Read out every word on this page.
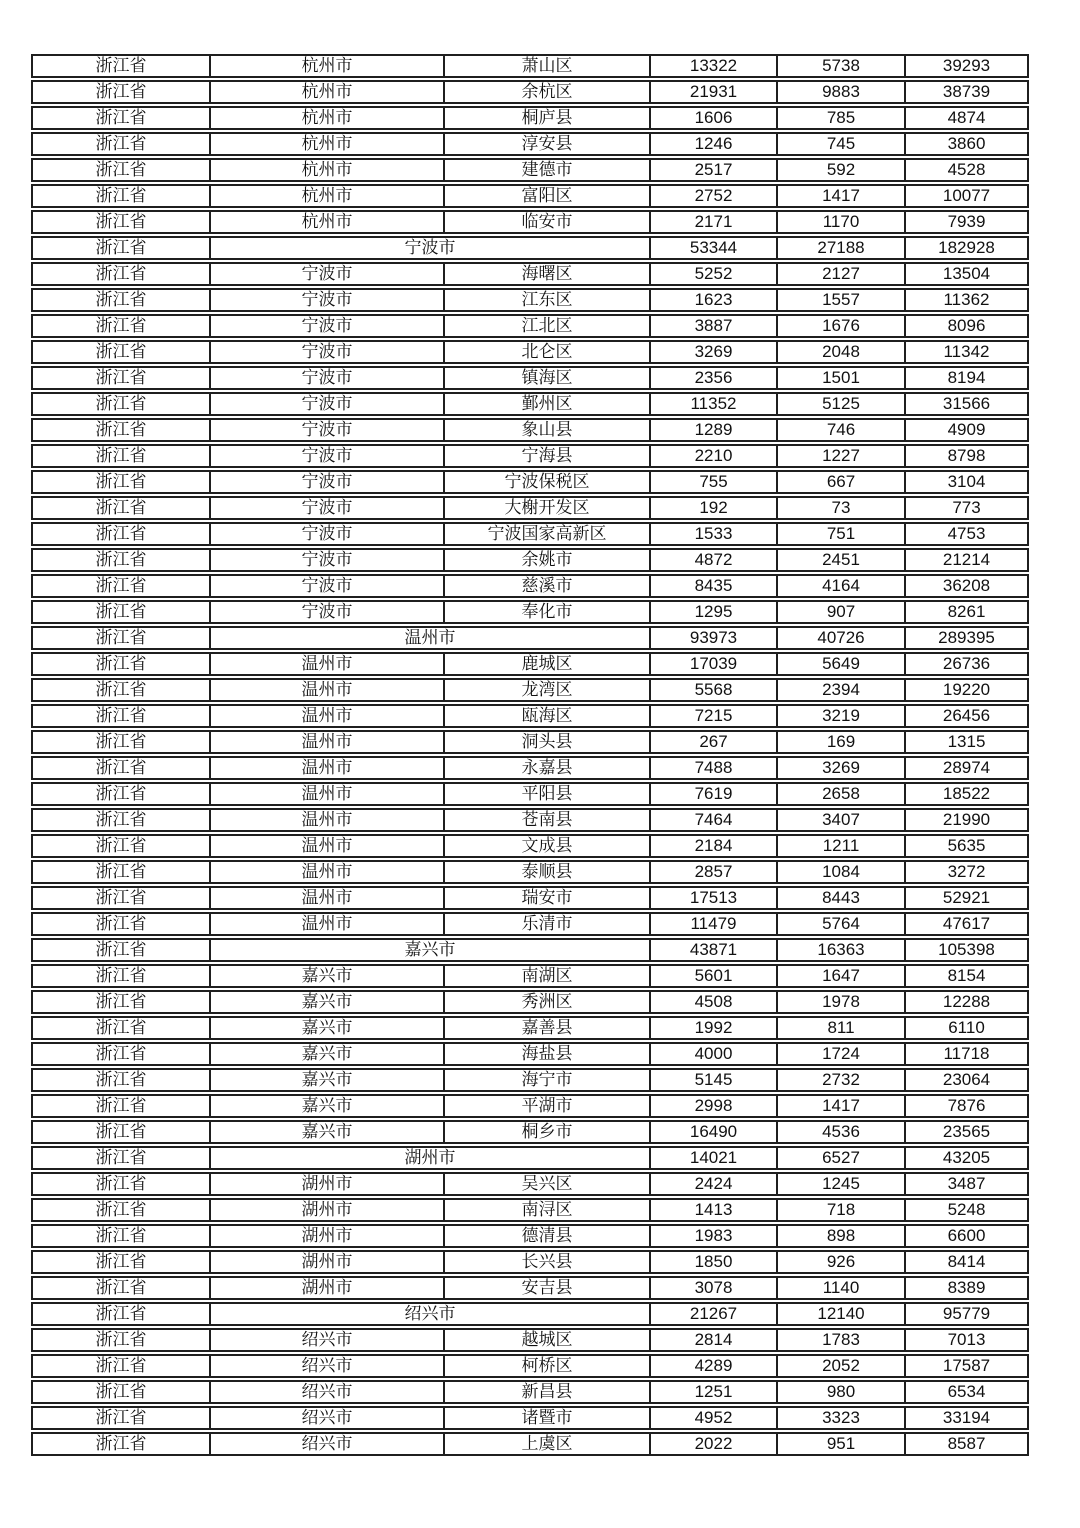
浙江省	杭州市	萧山区	13322	5738	39293
浙江省	杭州市	余杭区	21931	9883	38739
浙江省	杭州市	桐庐县	1606	785	4874
浙江省	杭州市	淳安县	1246	745	3860
浙江省	杭州市	建德市	2517	592	4528
浙江省	杭州市	富阳区	2752	1417	10077
浙江省	杭州市	临安市	2171	1170	7939
浙江省	宁波市		53344	27188	182928
浙江省	宁波市	海曙区	5252	2127	13504
浙江省	宁波市	江东区	1623	1557	11362
浙江省	宁波市	江北区	3887	1676	8096
浙江省	宁波市	北仑区	3269	2048	11342
浙江省	宁波市	镇海区	2356	1501	8194
浙江省	宁波市	鄞州区	11352	5125	31566
浙江省	宁波市	象山县	1289	746	4909
浙江省	宁波市	宁海县	2210	1227	8798
浙江省	宁波市	宁波保税区	755	667	3104
浙江省	宁波市	大榭开发区	192	73	773
浙江省	宁波市	宁波国家高新区	1533	751	4753
浙江省	宁波市	余姚市	4872	2451	21214
浙江省	宁波市	慈溪市	8435	4164	36208
浙江省	宁波市	奉化市	1295	907	8261
浙江省	温州市		93973	40726	289395
浙江省	温州市	鹿城区	17039	5649	26736
浙江省	温州市	龙湾区	5568	2394	19220
浙江省	温州市	瓯海区	7215	3219	26456
浙江省	温州市	洞头县	267	169	1315
浙江省	温州市	永嘉县	7488	3269	28974
浙江省	温州市	平阳县	7619	2658	18522
浙江省	温州市	苍南县	7464	3407	21990
浙江省	温州市	文成县	2184	1211	5635
浙江省	温州市	泰顺县	2857	1084	3272
浙江省	温州市	瑞安市	17513	8443	52921
浙江省	温州市	乐清市	11479	5764	47617
浙江省	嘉兴市		43871	16363	105398
浙江省	嘉兴市	南湖区	5601	1647	8154
浙江省	嘉兴市	秀洲区	4508	1978	12288
浙江省	嘉兴市	嘉善县	1992	811	6110
浙江省	嘉兴市	海盐县	4000	1724	11718
浙江省	嘉兴市	海宁市	5145	2732	23064
浙江省	嘉兴市	平湖市	2998	1417	7876
浙江省	嘉兴市	桐乡市	16490	4536	23565
浙江省	湖州市		14021	6527	43205
浙江省	湖州市	吴兴区	2424	1245	3487
浙江省	湖州市	南浔区	1413	718	5248
浙江省	湖州市	德清县	1983	898	6600
浙江省	湖州市	长兴县	1850	926	8414
浙江省	湖州市	安吉县	3078	1140	8389
浙江省	绍兴市		21267	12140	95779
浙江省	绍兴市	越城区	2814	1783	7013
浙江省	绍兴市	柯桥区	4289	2052	17587
浙江省	绍兴市	新昌县	1251	980	6534
浙江省	绍兴市	诸暨市	4952	3323	33194
浙江省	绍兴市	上虞区	2022	951	8587
